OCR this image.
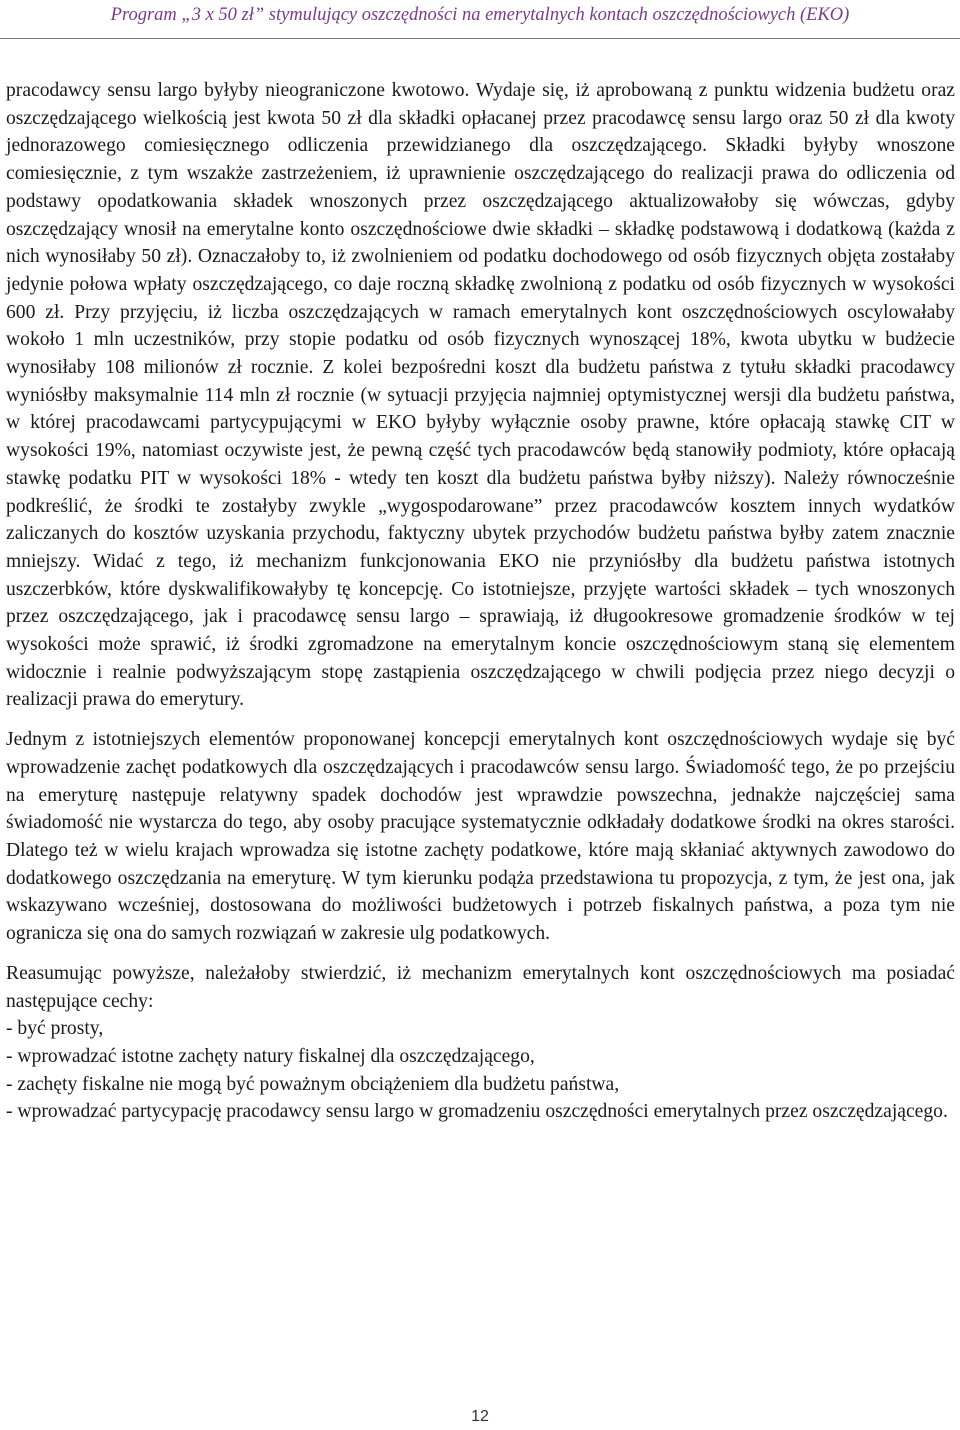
Program „3 x 50 zł” stymulujący oszczędności na emerytalnych kontach oszczędnościowych (EKO)

pracodawcy sensu largo byłyby nieograniczone kwotowo. Wydaje się, iż aprobowaną z punktu widzenia budżetu oraz oszczędzającego wielkością jest kwota 50 zł dla składki opłacanej przez pracodawcę sensu largo oraz 50 zł dla kwoty jednorazowego comiesięcznego odliczenia przewidzianego dla oszczędzającego. Składki byłyby wnoszone comiesięcznie, z tym wszakże zastrzeżeniem, iż uprawnienie oszczędzającego do realizacji prawa do odliczenia od podstawy opodatkowania składek wnoszonych przez oszczędzającego aktualizowałoby się wówczas, gdyby oszczędzający wnosił na emerytalne konto oszczędnościowe dwie składki – składkę podstawową i dodatkową (każda z nich wynosiłaby 50 zł). Oznaczałoby to, iż zwolnieniem od podatku dochodowego od osób fizycznych objęta zostałaby jedynie połowa wpłaty oszczędzającego, co daje roczną składkę zwolnioną z podatku od osób fizycznych w wysokości 600 zł. Przy przyjęciu, iż liczba oszczędzających w ramach emerytalnych kont oszczędnościowych oscylowałaby wokoło 1 mln uczestników, przy stopie podatku od osób fizycznych wynoszącej 18%, kwota ubytku w budżecie wynosiłaby 108 milionów zł rocznie. Z kolei bezpośredni koszt dla budżetu państwa z tytułu składki pracodawcy wyniósłby maksymalnie 114 mln zł rocznie (w sytuacji przyjęcia najmniej optymistycznej wersji dla budżetu państwa, w której pracodawcami partycypującymi w EKO byłyby wyłącznie osoby prawne, które opłacają stawkę CIT w wysokości 19%, natomiast oczywiste jest, że pewną część tych pracodawców będą stanowiły podmioty, które opłacają stawkę podatku PIT w wysokości 18% - wtedy ten koszt dla budżetu państwa byłby niższy). Należy równocześnie podkreślić, że środki te zostałyby zwykle „wygospodarowane” przez pracodawców kosztem innych wydatków zaliczanych do kosztów uzyskania przychodu, faktyczny ubytek przychodów budżetu państwa byłby zatem znacznie mniejszy. Widać z tego, iż mechanizm funkcjonowania EKO nie przyniósłby dla budżetu państwa istotnych uszczerbków, które dyskwalifikowałyby tę koncepcję. Co istotniejsze, przyjęte wartości składek – tych wnoszonych przez oszczędzającego, jak i pracodawcę sensu largo – sprawiają, iż długookresowe gromadzenie środków w tej wysokości może sprawić, iż środki zgromadzone na emerytalnym koncie oszczędnościowym staną się elementem widocznie i realnie podwyższającym stopę zastąpienia oszczędzającego w chwili podjęcia przez niego decyzji o realizacji prawa do emerytury.

Jednym z istotniejszych elementów proponowanej koncepcji emerytalnych kont oszczędnościowych wydaje się być wprowadzenie zachęt podatkowych dla oszczędzających i pracodawców sensu largo. Świadomość tego, że po przejściu na emeryturę następuje relatywny spadek dochodów jest wprawdzie powszechna, jednakże najczęściej sama świadomość nie wystarcza do tego, aby osoby pracujące systematycznie odkładały dodatkowe środki na okres starości. Dlatego też w wielu krajach wprowadza się istotne zachęty podatkowe, które mają skłaniać aktywnych zawodowo do dodatkowego oszczędzania na emeryturę. W tym kierunku podąża przedstawiona tu propozycja, z tym, że jest ona, jak wskazywano wcześniej, dostosowana do możliwości budżetowych i potrzeb fiskalnych państwa, a poza tym nie ogranicza się ona do samych rozwiązań w zakresie ulg podatkowych.

Reasumując powyższe, należałoby stwierdzić, iż mechanizm emerytalnych kont oszczędnościowych ma posiadać następujące cechy:

- być prosty,
- wprowadzać istotne zachęty natury fiskalnej dla oszczędzającego,
- zachęty fiskalne nie mogą być poważnym obciążeniem dla budżetu państwa,
- wprowadzać partycypację pracodawcy sensu largo w gromadzeniu oszczędności emerytalnych przez oszczędzającego.
12
